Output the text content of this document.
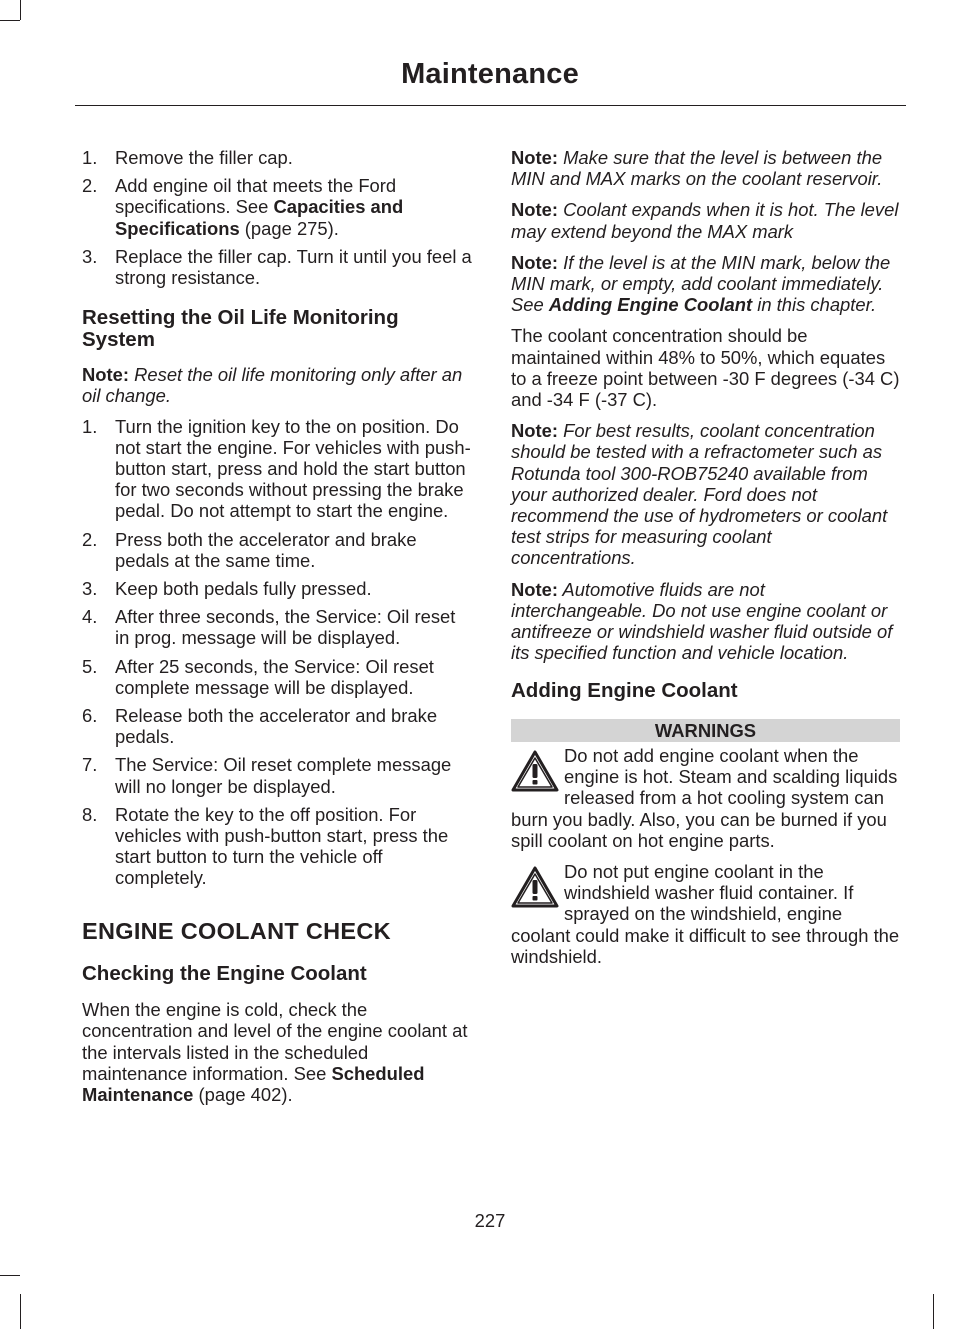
Maintenance
1. Remove the filler cap.
2. Add engine oil that meets the Ford specifications. See Capacities and Specifications (page 275).
3. Replace the filler cap. Turn it until you feel a strong resistance.
Resetting the Oil Life Monitoring System

Note: Reset the oil life monitoring only after an oil change.

1. Turn the ignition key to the on position. Do not start the engine. For vehicles with push-button start, press and hold the start button for two seconds without pressing the brake pedal. Do not attempt to start the engine.
2. Press both the accelerator and brake pedals at the same time.
3. Keep both pedals fully pressed.
4. After three seconds, the Service: Oil reset in prog. message will be displayed.
5. After 25 seconds, the Service: Oil reset complete message will be displayed.
6. Release both the accelerator and brake pedals.
7. The Service: Oil reset complete message will no longer be displayed.
8. Rotate the key to the off position. For vehicles with push-button start, press the start button to turn the vehicle off completely.
ENGINE COOLANT CHECK
Checking the Engine Coolant

When the engine is cold, check the concentration and level of the engine coolant at the intervals listed in the scheduled maintenance information. See Scheduled Maintenance (page 402).

Note: Make sure that the level is between the MIN and MAX marks on the coolant reservoir.

Note: Coolant expands when it is hot. The level may extend beyond the MAX mark

Note: If the level is at the MIN mark, below the MIN mark, or empty, add coolant immediately. See Adding Engine Coolant in this chapter.

The coolant concentration should be maintained within 48% to 50%, which equates to a freeze point between -30 F degrees (-34 C) and -34 F (-37 C).

Note: For best results, coolant concentration should be tested with a refractometer such as Rotunda tool 300-ROB75240 available from your authorized dealer. Ford does not recommend the use of hydrometers or coolant test strips for measuring coolant concentrations.

Note: Automotive fluids are not interchangeable. Do not use engine coolant or antifreeze or windshield washer fluid outside of its specified function and vehicle location.

Adding Engine Coolant
WARNINGS
Do not add engine coolant when the engine is hot. Steam and scalding liquids released from a hot cooling system can burn you badly. Also, you can be burned if you spill coolant on hot engine parts.
Do not put engine coolant in the windshield washer fluid container. If sprayed on the windshield, engine coolant could make it difficult to see through the windshield.
227
